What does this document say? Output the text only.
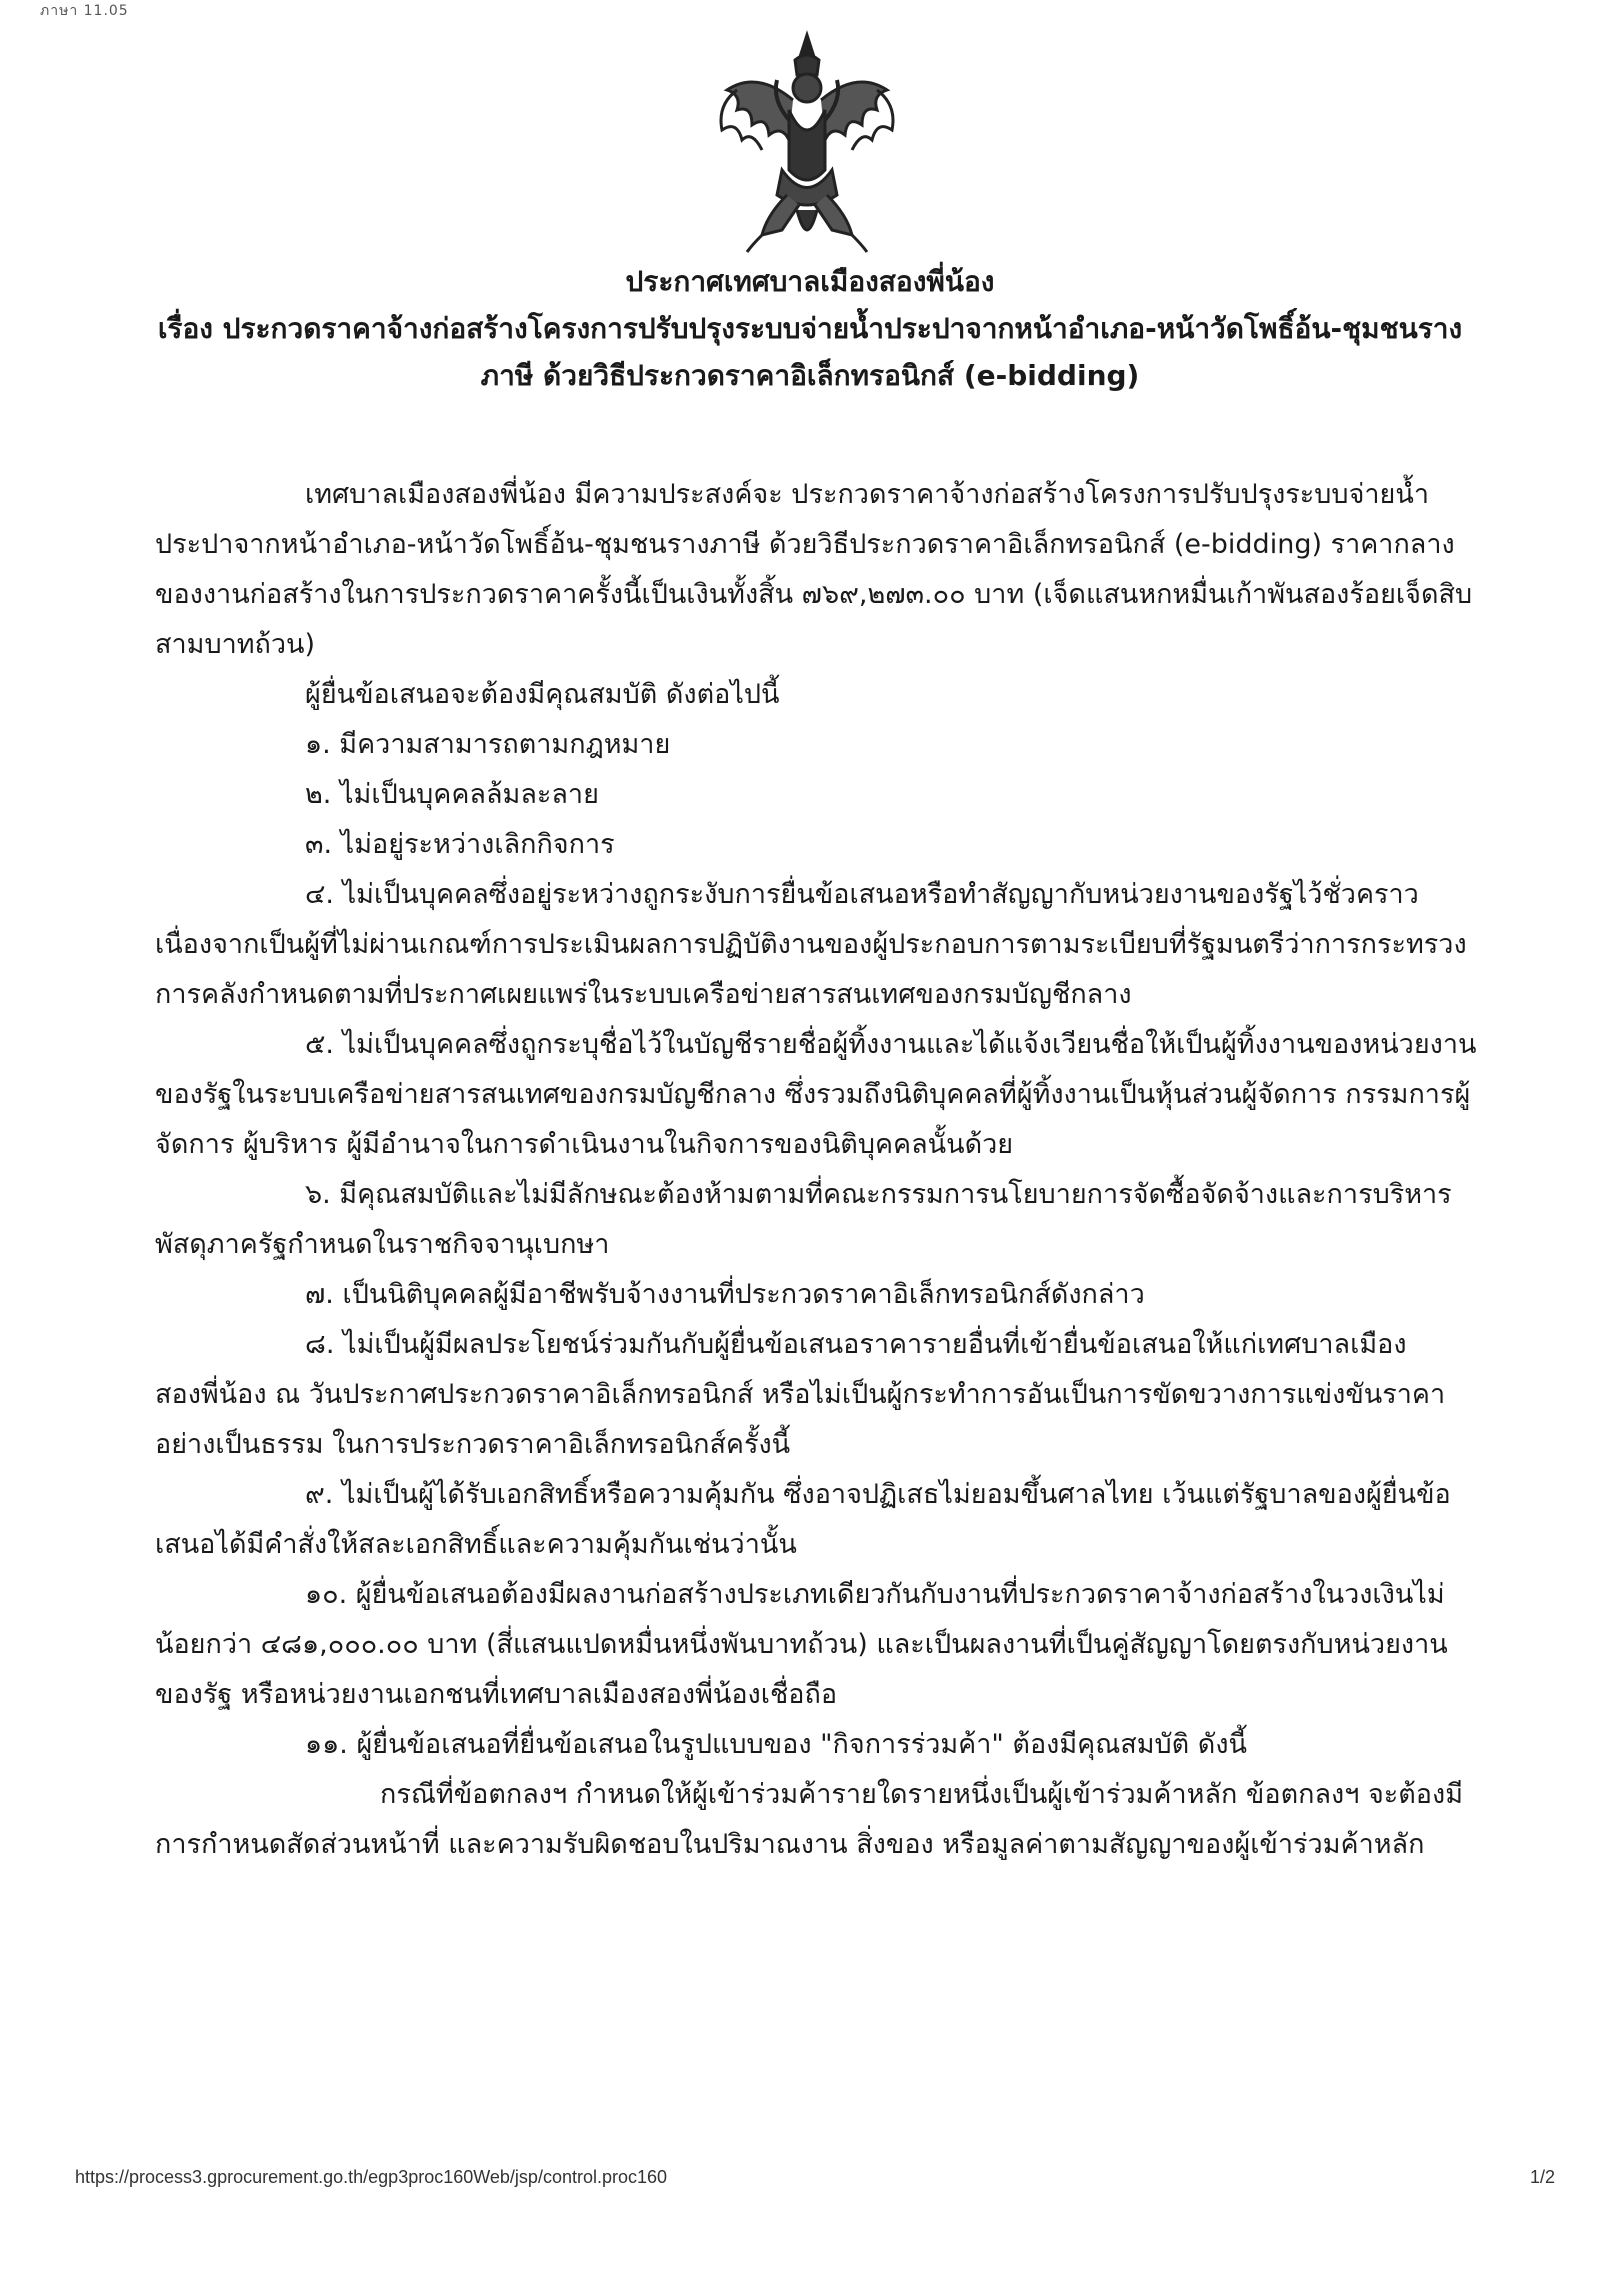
ภาษา 11.05
ประกาศเทศบาลเมืองสองพี่น้อง
เรื่อง ประกวดราคาจ้างก่อสร้างโครงการปรับปรุงระบบจ่ายน้ำประปาจากหน้าอำเภอ-หน้าวัดโพธิ์อ้น-ชุมชนราง
ภาษี ด้วยวิธีประกวดราคาอิเล็กทรอนิกส์ (e-bidding)

เทศบาลเมืองสองพี่น้อง มีความประสงค์จะ ประกวดราคาจ้างก่อสร้างโครงการปรับปรุงระบบจ่ายน้ำ

ประปาจากหน้าอำเภอ-หน้าวัดโพธิ์อ้น-ชุมชนรางภาษี ด้วยวิธีประกวดราคาอิเล็กทรอนิกส์ (e-bidding) ราคากลาง

ของงานก่อสร้างในการประกวดราคาครั้งนี้เป็นเงินทั้งสิ้น ๗๖๙,๒๗๓.๐๐ บาท (เจ็ดแสนหกหมื่นเก้าพันสองร้อยเจ็ดสิบ

สามบาทถ้วน)

ผู้ยื่นข้อเสนอจะต้องมีคุณสมบัติ ดังต่อไปนี้

๑. มีความสามารถตามกฎหมาย

๒. ไม่เป็นบุคคลล้มละลาย

๓. ไม่อยู่ระหว่างเลิกกิจการ

๔. ไม่เป็นบุคคลซึ่งอยู่ระหว่างถูกระงับการยื่นข้อเสนอหรือทำสัญญากับหน่วยงานของรัฐไว้ชั่วคราว

เนื่องจากเป็นผู้ที่ไม่ผ่านเกณฑ์การประเมินผลการปฏิบัติงานของผู้ประกอบการตามระเบียบที่รัฐมนตรีว่าการกระทรวง

การคลังกำหนดตามที่ประกาศเผยแพร่ในระบบเครือข่ายสารสนเทศของกรมบัญชีกลาง

๕. ไม่เป็นบุคคลซึ่งถูกระบุชื่อไว้ในบัญชีรายชื่อผู้ทิ้งงานและได้แจ้งเวียนชื่อให้เป็นผู้ทิ้งงานของหน่วยงาน

ของรัฐในระบบเครือข่ายสารสนเทศของกรมบัญชีกลาง ซึ่งรวมถึงนิติบุคคลที่ผู้ทิ้งงานเป็นหุ้นส่วนผู้จัดการ กรรมการผู้

จัดการ ผู้บริหาร ผู้มีอำนาจในการดำเนินงานในกิจการของนิติบุคคลนั้นด้วย

๖. มีคุณสมบัติและไม่มีลักษณะต้องห้ามตามที่คณะกรรมการนโยบายการจัดซื้อจัดจ้างและการบริหาร

พัสดุภาครัฐกำหนดในราชกิจจานุเบกษา

๗. เป็นนิติบุคคลผู้มีอาชีพรับจ้างงานที่ประกวดราคาอิเล็กทรอนิกส์ดังกล่าว

๘. ไม่เป็นผู้มีผลประโยชน์ร่วมกันกับผู้ยื่นข้อเสนอราคารายอื่นที่เข้ายื่นข้อเสนอให้แก่เทศบาลเมือง

สองพี่น้อง ณ วันประกาศประกวดราคาอิเล็กทรอนิกส์ หรือไม่เป็นผู้กระทำการอันเป็นการขัดขวางการแข่งขันราคา

อย่างเป็นธรรม ในการประกวดราคาอิเล็กทรอนิกส์ครั้งนี้

๙. ไม่เป็นผู้ได้รับเอกสิทธิ์หรือความคุ้มกัน ซึ่งอาจปฏิเสธไม่ยอมขึ้นศาลไทย เว้นแต่รัฐบาลของผู้ยื่นข้อ

เสนอได้มีคำสั่งให้สละเอกสิทธิ์และความคุ้มกันเช่นว่านั้น

๑๐. ผู้ยื่นข้อเสนอต้องมีผลงานก่อสร้างประเภทเดียวกันกับงานที่ประกวดราคาจ้างก่อสร้างในวงเงินไม่

น้อยกว่า ๔๘๑,๐๐๐.๐๐ บาท (สี่แสนแปดหมื่นหนึ่งพันบาทถ้วน) และเป็นผลงานที่เป็นคู่สัญญาโดยตรงกับหน่วยงาน

ของรัฐ หรือหน่วยงานเอกชนที่เทศบาลเมืองสองพี่น้องเชื่อถือ

๑๑. ผู้ยื่นข้อเสนอที่ยื่นข้อเสนอในรูปแบบของ "กิจการร่วมค้า" ต้องมีคุณสมบัติ ดังนี้

กรณีที่ข้อตกลงฯ กำหนดให้ผู้เข้าร่วมค้ารายใดรายหนึ่งเป็นผู้เข้าร่วมค้าหลัก ข้อตกลงฯ จะต้องมี

การกำหนดสัดส่วนหน้าที่ และความรับผิดชอบในปริมาณงาน สิ่งของ หรือมูลค่าตามสัญญาของผู้เข้าร่วมค้าหลัก

https://process3.gprocurement.go.th/egp3proc160Web/jsp/control.proc160	1/2
